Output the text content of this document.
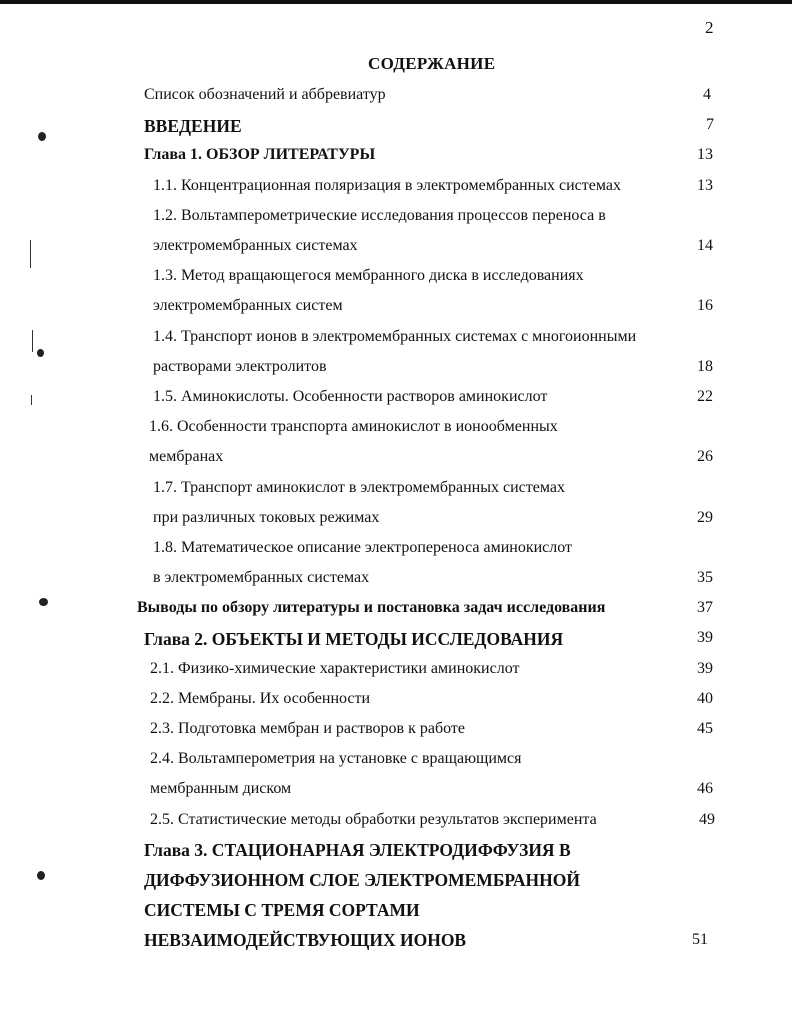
2
СОДЕРЖАНИЕ
Список обозначений и аббревиатур	4
ВВЕДЕНИЕ	7
Глава 1. ОБЗОР ЛИТЕРАТУРЫ	13
1.1. Концентрационная поляризация в электромембранных системах	13
1.2. Вольтамперометрические исследования процессов переноса в
электромембранных системах	14
1.3. Метод вращающегося мембранного диска в исследованиях
электромембранных систем	16
1.4. Транспорт ионов в электромембранных системах с многоионными
растворами электролитов	18
1.5. Аминокислоты. Особенности растворов аминокислот	22
1.6. Особенности транспорта аминокислот в ионообменных
мембранах	26
1.7. Транспорт аминокислот в электромембранных системах
при различных токовых режимах	29
1.8. Математическое описание электропереноса аминокислот
в электромембранных системах	35
Выводы по обзору литературы и постановка задач исследования	37
Глава 2. ОБЪЕКТЫ И МЕТОДЫ ИССЛЕДОВАНИЯ	39
2.1. Физико-химические характеристики аминокислот	39
2.2. Мембраны. Их особенности	40
2.3. Подготовка мембран и растворов к работе	45
2.4. Вольтамперометрия на установке с вращающимся
мембранным диском	46
2.5. Статистические методы обработки результатов эксперимента	49
Глава 3. СТАЦИОНАРНАЯ ЭЛЕКТРОДИФФУЗИЯ В
ДИФФУЗИОННОМ СЛОЕ ЭЛЕКТРОМЕМБРАННОЙ
СИСТЕМЫ С ТРЕМЯ СОРТАМИ
НЕВЗАИМОДЕЙСТВУЮЩИХ ИОНОВ	51
